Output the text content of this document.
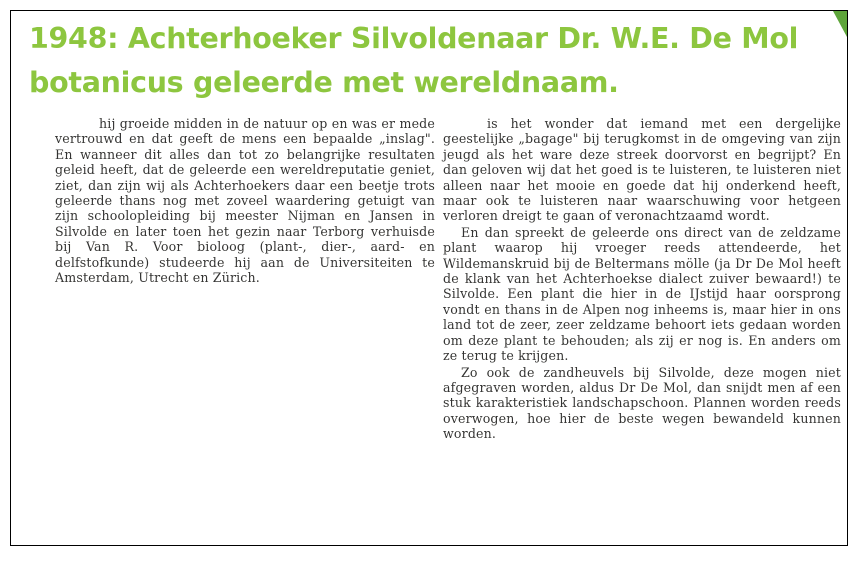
1948: Achterhoeker Silvoldenaar Dr. W.E. De Mol botanicus geleerde met wereldnaam.

hij groeide midden in de natuur op en was er mede vertrouwd en dat geeft de mens een bepaalde „inslag". En wanneer dit alles dan tot zo belangrijke resultaten geleid heeft, dat de geleerde een wereldreputatie geniet, ziet, dan zijn wij als Achterhoekers daar een beetje trots geleerde thans nog met zoveel waardering getuigt van zijn schoolopleiding bij meester Nijman en Jansen in Silvolde en later toen het gezin naar Terborg verhuisde bij Van R. Voor bioloog (plant-, dier-, aard- en delfstofkunde) studeerde hij aan de Universiteiten te Amsterdam, Utrecht en Zürich.

is het wonder dat iemand met een dergelijke geestelijke „bagage" bij terugkomst in de omgeving van zijn jeugd als het ware deze streek doorvorst en begrijpt? En dan geloven wij dat het goed is te luisteren, te luisteren niet alleen naar het mooie en goede dat hij onderkend heeft, maar ook te luisteren naar waarschuwing voor hetgeen verloren dreigt te gaan of veronachtzaamd wordt.

En dan spreekt de geleerde ons direct van de zeldzame plant waarop hij vroeger reeds attendeerde, het Wildemanskruid bij de Beltermans mölle (ja Dr De Mol heeft de klank van het Achterhoekse dialect zuiver bewaard!) te Silvolde. Een plant die hier in de IJstijd haar oorsprong vondt en thans in de Alpen nog inheems is, maar hier in ons land tot de zeer, zeer zeldzame behoort iets gedaan worden om deze plant te behouden; als zij er nog is. En anders om ze terug te krijgen.

Zo ook de zandheuvels bij Silvolde, deze mogen niet afgegraven worden, aldus Dr De Mol, dan snijdt men af een stuk karakteristiek landschapschoon. Plannen worden reeds overwogen, hoe hier de beste wegen bewandeld kunnen worden.
